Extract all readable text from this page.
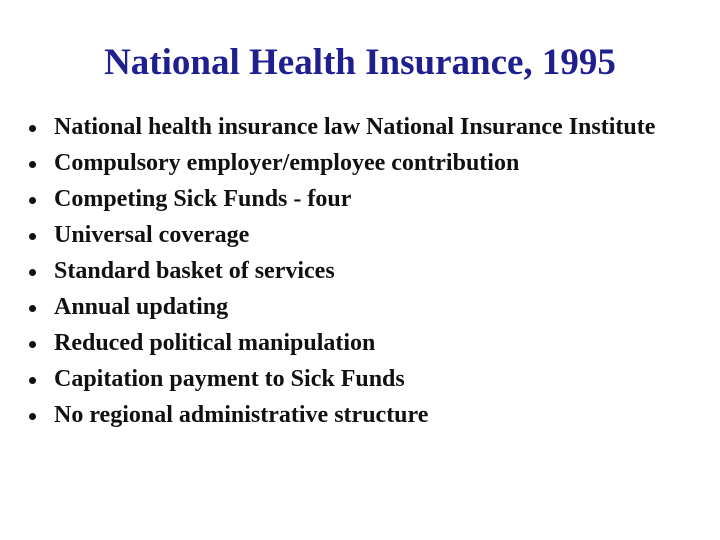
National Health Insurance, 1995
National health insurance law National Insurance Institute
Compulsory employer/employee contribution
Competing Sick Funds - four
Universal coverage
Standard basket of services
Annual updating
Reduced political manipulation
Capitation payment to Sick Funds
No regional administrative structure
